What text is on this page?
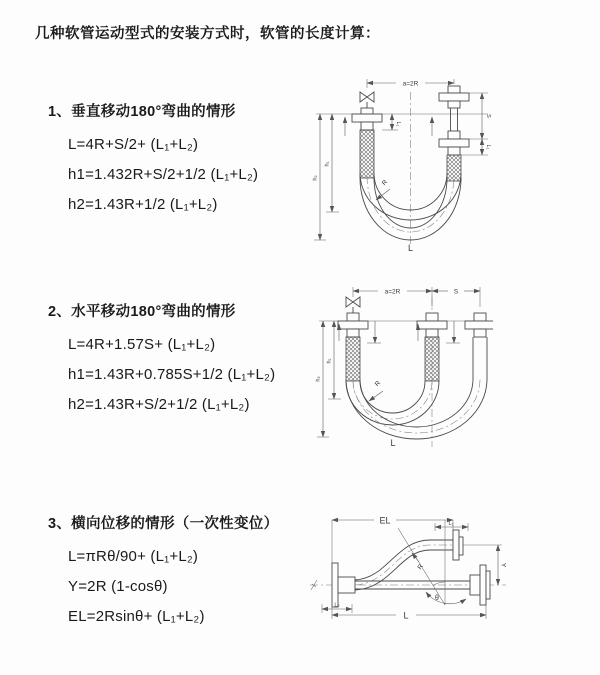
几种软管运动型式的安装方式时，软管的长度计算：
1、垂直移动180°弯曲的情形
L=4R+S/2+ (L₁+L₂)
h1=1.432R+S/2+1/2 (L₁+L₂)
h2=1.43R+1/2 (L₁+L₂)
a=2R
L₁
S
L₁
h₁
h₂
R
L
2、水平移动180°弯曲的情形
L=4R+1.57S+ (L₁+L₂)
h1=1.43R+0.785S+1/2 (L₁+L₂)
h2=1.43R+S/2+1/2 (L₁+L₂)
a=2R	S
h₁
h₂
R
L
3、横向位移的情形（一次性变位）
L=πRθ/90+ (L₁+L₂)
Y=2R (1-cosθ)
EL=2Rsinθ+ (L₁+L₂)
EL	L₁
Y
θ
R
L₂
L
